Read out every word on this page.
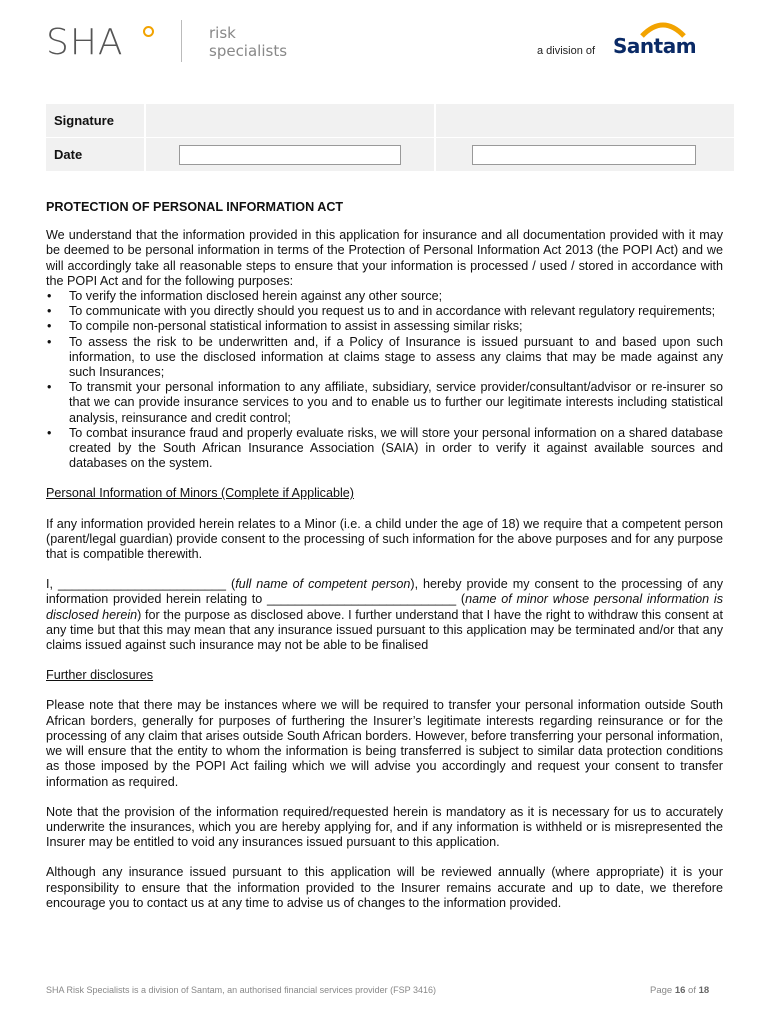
SHA	risk
specialists	a division of Santam
Signature
Date
PROTECTION OF PERSONAL INFORMATION ACT
We understand that the information provided in this application for insurance and all documentation provided with it may be deemed to be personal information in terms of the Protection of Personal Information Act 2013 (the POPI Act) and we will accordingly take all reasonable steps to ensure that your information is processed / used / stored in accordance with the POPI Act and for the following purposes:
• To verify the information disclosed herein against any other source;
• To communicate with you directly should you request us to and in accordance with relevant regulatory requirements;
• To compile non-personal statistical information to assist in assessing similar risks;
• To assess the risk to be underwritten and, if a Policy of Insurance is issued pursuant to and based upon such information, to use the disclosed information at claims stage to assess any claims that may be made against any such Insurances;
• To transmit your personal information to any affiliate, subsidiary, service provider/consultant/advisor or re-insurer so that we can provide insurance services to you and to enable us to further our legitimate interests including statistical analysis, reinsurance and credit control;
• To combat insurance fraud and properly evaluate risks, we will store your personal information on a shared database created by the South African Insurance Association (SAIA) in order to verify it against available sources and databases on the system.
Personal Information of Minors (Complete if Applicable)
If any information provided herein relates to a Minor (i.e. a child under the age of 18) we require that a competent person (parent/legal guardian) provide consent to the processing of such information for the above purposes and for any purpose that is compatible therewith.
I, ________________________ (full name of competent person), hereby provide my consent to the processing of any information provided herein relating to ___________________________ (name of minor whose personal information is disclosed herein) for the purpose as disclosed above. I further understand that I have the right to withdraw this consent at any time but that this may mean that any insurance issued pursuant to this application may be terminated and/or that any claims issued against such insurance may not be able to be finalised
Further disclosures
Please note that there may be instances where we will be required to transfer your personal information outside South African borders, generally for purposes of furthering the Insurer’s legitimate interests regarding reinsurance or for the processing of any claim that arises outside South African borders. However, before transferring your personal information, we will ensure that the entity to whom the information is being transferred is subject to similar data protection conditions as those imposed by the POPI Act failing which we will advise you accordingly and request your consent to transfer information as required.
Note that the provision of the information required/requested herein is mandatory as it is necessary for us to accurately underwrite the insurances, which you are hereby applying for, and if any information is withheld or is misrepresented the Insurer may be entitled to void any insurances issued pursuant to this application.
Although any insurance issued pursuant to this application will be reviewed annually (where appropriate) it is your responsibility to ensure that the information provided to the Insurer remains accurate and up to date, we therefore encourage you to contact us at any time to advise us of changes to the information provided.
SHA Risk Specialists is a division of Santam, an authorised financial services provider (FSP 3416)	Page 16 of 18
